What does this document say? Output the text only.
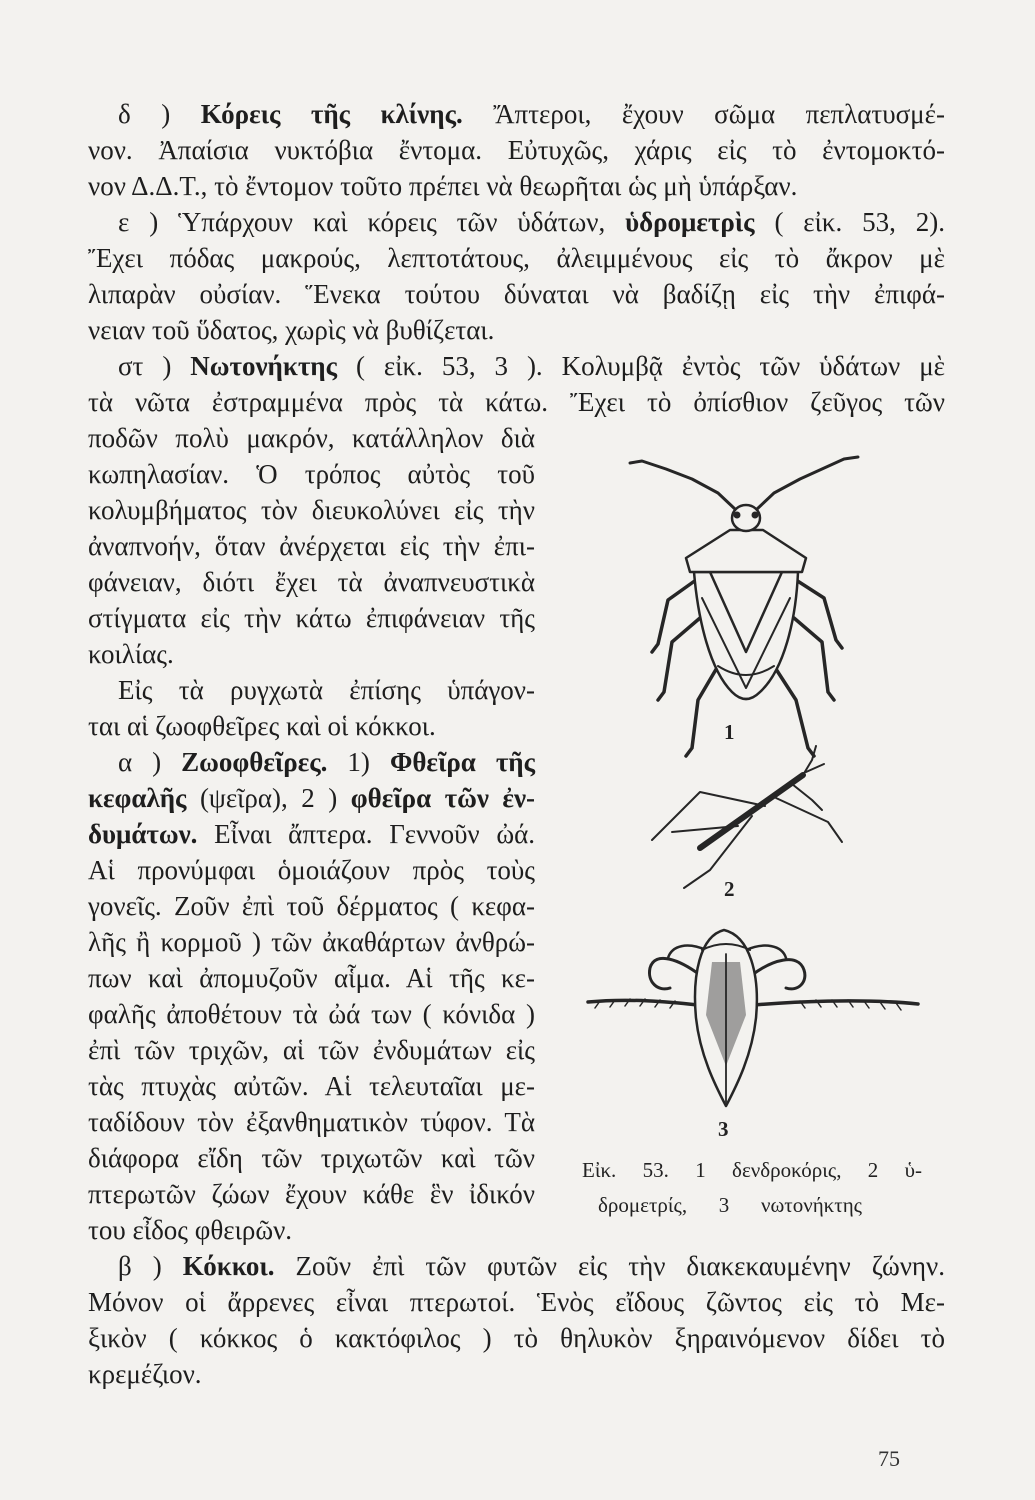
δ ) Κόρεις τῆς κλίνης. Ἄπτεροι, ἔχουν σῶμα πεπλατυσμέ-
νον. Ἀπαίσια νυκτόβια ἔντομα. Εὐτυχῶς, χάρις εἰς τὸ ἐντομοκτό-
νον Δ.Δ.Τ., τὸ ἔντομον τοῦτο πρέπει νὰ θεωρῆται ὡς μὴ ὑπάρξαν.
ε ) Ὑπάρχουν καὶ κόρεις τῶν ὑδάτων, ὑδρομετρὶς ( εἰκ. 53, 2).
Ἔχει πόδας μακρούς, λεπτοτάτους, ἀλειμμένους εἰς τὸ ἄκρον μὲ
λιπαρὰν οὐσίαν. Ἕνεκα τούτου δύναται νὰ βαδίζῃ εἰς τὴν ἐπιφά-
νειαν τοῦ ὕδατος, χωρὶς νὰ βυθίζεται.
στ ) Νωτονήκτης ( εἰκ. 53, 3 ). Κολυμβᾷ ἐντὸς τῶν ὑδάτων μὲ
τὰ νῶτα ἐστραμμένα πρὸς τὰ κάτω. Ἔχει τὸ ὀπίσθιον ζεῦγος τῶν
ποδῶν πολὺ μακρόν, κατάλληλον διὰ
κωπηλασίαν. Ὁ τρόπος αὐτὸς τοῦ
κολυμβήματος τὸν διευκολύνει εἰς τὴν
ἀναπνοήν, ὅταν ἀνέρχεται εἰς τὴν ἐπι-
φάνειαν, διότι ἔχει τὰ ἀναπνευστικὰ
στίγματα εἰς τὴν κάτω ἐπιφάνειαν τῆς
κοιλίας.
Εἰς τὰ ρυγχωτὰ ἐπίσης ὑπάγον-
ται αἱ ζωοφθεῖρες καὶ οἱ κόκκοι.
α ) Ζωοφθεῖρες. 1) Φθεῖρα τῆς
κεφαλῆς (ψεῖρα), 2 ) φθεῖρα τῶν ἐν-
δυμάτων. Εἶναι ἄπτερα. Γεννοῦν ὠά.
Αἱ προνύμφαι ὁμοιάζουν πρὸς τοὺς
γονεῖς. Ζοῦν ἐπὶ τοῦ δέρματος ( κεφα-
λῆς ἢ κορμοῦ ) τῶν ἀκαθάρτων ἀνθρώ-
πων καὶ ἀπομυζοῦν αἷμα. Αἱ τῆς κε-
φαλῆς ἀποθέτουν τὰ ὠά των ( κόνιδα )
ἐπὶ τῶν τριχῶν, αἱ τῶν ἐνδυμάτων εἰς
τὰς πτυχὰς αὐτῶν. Αἱ τελευταῖαι με-
ταδίδουν τὸν ἐξανθηματικὸν τύφον. Τὰ
διάφορα εἴδη τῶν τριχωτῶν καὶ τῶν
πτερωτῶν ζώων ἔχουν κάθε ἓν ἰδικόν
του εἶδος φθειρῶν.
β ) Κόκκοι. Ζοῦν ἐπὶ τῶν φυτῶν εἰς τὴν διακεκαυμένην ζώνην.
Μόνον οἱ ἄρρενες εἶναι πτερωτοί. Ἑνὸς εἴδους ζῶντος εἰς τὸ Με-
ξικὸν ( κόκκος ὁ κακτόφιλος ) τὸ θηλυκὸν ξηραινόμενον δίδει τὸ
κρεμέζιον.
1
2
3
Εἰκ. 53. 1 δενδροκόρις, 2 ὑ-
δρομετρίς, 3 νωτονήκτης
75
